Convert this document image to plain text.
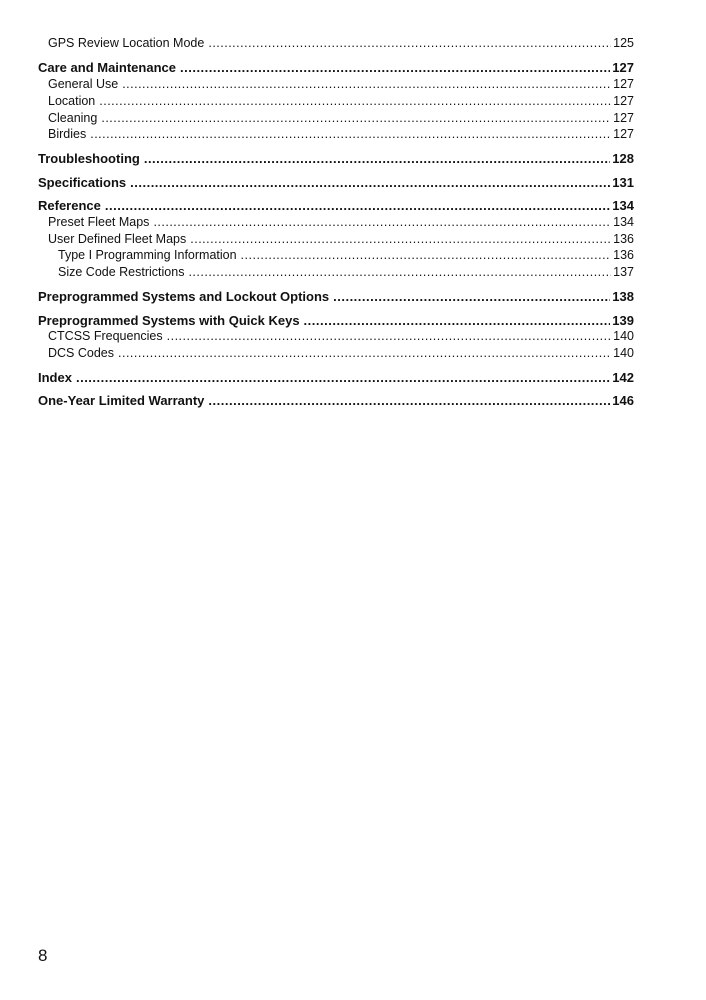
GPS Review Location Mode .....	125
Care and Maintenance .....	127
General Use .....	127
Location .....	127
Cleaning .....	127
Birdies .....	127
Troubleshooting .....	128
Specifications .....	131
Reference .....	134
Preset Fleet Maps .....	134
User Defined Fleet Maps .....	136
Type I Programming Information .....	136
Size Code Restrictions .....	137
Preprogrammed Systems and Lockout Options .....	138
Preprogrammed Systems with Quick Keys .....	139
CTCSS Frequencies .....	140
DCS Codes .....	140
Index .....	142
One-Year Limited Warranty .....	146
8
